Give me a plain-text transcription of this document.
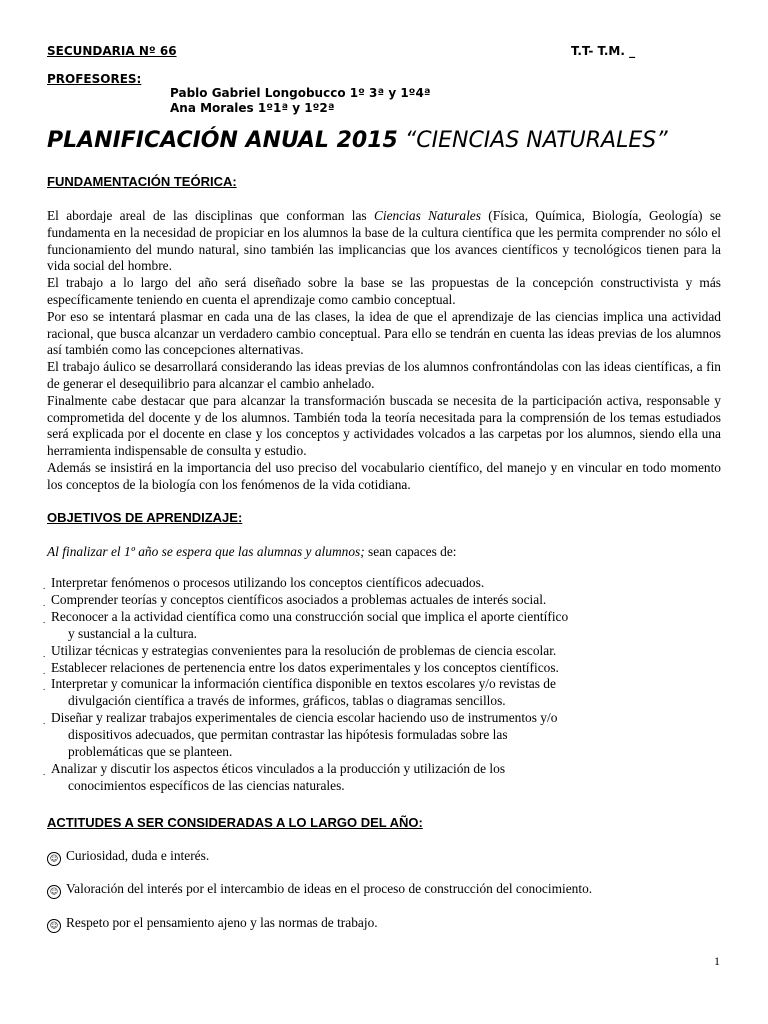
SECUNDARIA Nº 66	T.T- T.M. _
PROFESORES:
Pablo Gabriel Longobucco 1º 3ª y 1º4ª
Ana Morales 1º1ª y 1º2ª
PLANIFICACIÓN ANUAL 2015 “CIENCIAS NATURALES”
FUNDAMENTACIÓN TEÓRICA:

El abordaje areal de las disciplinas que conforman las Ciencias Naturales (Física, Química, Biología, Geología) se fundamenta en la necesidad de propiciar en los alumnos la base de la cultura científica que les permita comprender no sólo el funcionamiento del mundo natural, sino también las implicancias que los avances científicos y tecnológicos tienen para la vida social del hombre.

El trabajo a lo largo del año será diseñado sobre la base se las propuestas de la concepción constructivista y más específicamente teniendo en cuenta el aprendizaje como cambio conceptual.

Por eso se intentará plasmar en cada una de las clases, la idea de que el aprendizaje de las ciencias implica una actividad racional, que busca alcanzar un verdadero cambio conceptual. Para ello se tendrán en cuenta las ideas previas de los alumnos así también como las concepciones alternativas.

El trabajo áulico se desarrollará considerando las ideas previas de los alumnos confrontándolas con las ideas científicas, a fin de generar el desequilibrio para alcanzar el cambio anhelado.

Finalmente cabe destacar que para alcanzar la transformación buscada se necesita de la participación activa, responsable y comprometida del docente y de los alumnos. También toda la teoría necesitada para la comprensión de los temas estudiados será explicada por el docente en clase y los conceptos y actividades volcados a las carpetas por los alumnos, siendo ella una herramienta indispensable de consulta y estudio.

Además se insistirá en la importancia del uso preciso del vocabulario científico, del manejo y en vincular en todo momento los conceptos de la biología con los fenómenos de la vida cotidiana.

OBJETIVOS DE APRENDIZAJE:
Al finalizar el 1º año se espera que las alumnas y alumnos; sean capaces de:
. Interpretar fenómenos o procesos utilizando los conceptos científicos adecuados.
. Comprender teorías y conceptos científicos asociados a problemas actuales de interés social.
. Reconocer a la actividad científica como una construcción social que implica el aporte científico
y sustancial a la cultura.
. Utilizar técnicas y estrategias convenientes para la resolución de problemas de ciencia escolar.
. Establecer relaciones de pertenencia entre los datos experimentales y los conceptos científicos.
. Interpretar y comunicar la información científica disponible en textos escolares y/o revistas de
divulgación científica a través de informes, gráficos, tablas o diagramas sencillos.
. Diseñar y realizar trabajos experimentales de ciencia escolar haciendo uso de instrumentos y/o
dispositivos adecuados, que permitan contrastar las hipótesis formuladas sobre las
problemáticas que se planteen.
. Analizar y discutir los aspectos éticos vinculados a la producción y utilización de los
conocimientos específicos de las ciencias naturales.
ACTITUDES A SER CONSIDERADAS A LO LARGO DEL AÑO:
☺ Curiosidad, duda e interés.
☺ Valoración del interés por el intercambio de ideas en el proceso de construcción del conocimiento.
☺ Respeto por el pensamiento ajeno y las normas de trabajo.
1
